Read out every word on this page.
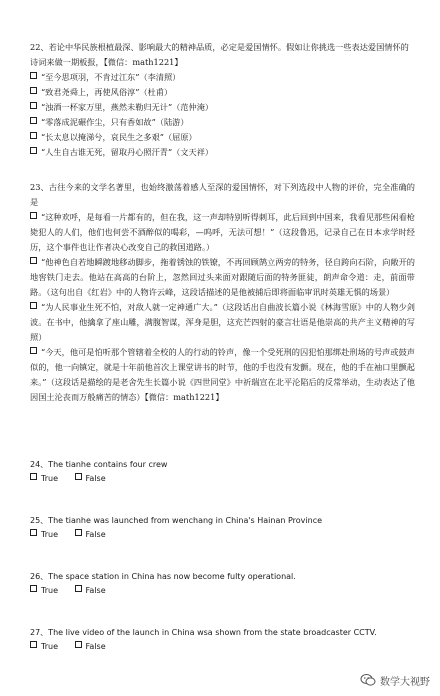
22、若论中华民族根植最深、影响最大的精神品质，必定是爱国情怀。假如让你挑选一些表达爱国情怀的诗词来做一期板报，【微信：math1221】

“至今思项羽，不肯过江东”（李清照）

“致君尧舜上，再使风俗淳”（杜甫）

“浊酒一杯家万里，燕然未勒归无计”（范仲淹）

“零落成泥碾作尘，只有香如故”（陆游）

“长太息以掩涕兮，哀民生之多艰”（屈原）

“人生自古谁无死，留取丹心照汗青”（文天祥）

23、古往今来的文学名著里，也始终激荡着感人至深的爱国情怀，对下列选段中人物的评价，完全准确的是

“这种欢呼，是每看一片都有的，但在我，这一声却特别听得刺耳，此后回到中国来，我看见那些闲看枪毙犯人的人们，他们也何尝不酒醉似的喝彩，—呜呼，无法可想！”（这段鲁迅，记录自己在日本求学时经历，这个事件也让作者决心改变自己的救国道路。）

“他神色自若地瞬踱地移动脚步，拖着锈蚀的铁镣，不再回顾鹄立两旁的特务，径自跨向石阶，向敞开的地窖铁门走去。他站在高高的台阶上，忽然回过头来面对跟随后面的特务匪徒，朗声命令道：走，前面带路。（这句出自《红岩》中的人物许云峰，这段话描述的是他被捕后即将面临审讯时英雄无惧的场景）

“为人民事业生死不怕，对敌人就一定神通广大。”（这段话出自曲波长篇小说《林海雪原》中的人物少剑波。在书中，他擒拿了座山雕，满腹智谋，浑身是胆，这充芒四射的豪言壮语是他崇高的共产主义精神的写照）

“今天，他可是怕听那个管辖着全校的人的行动的铃声，像一个受死刑的囚犯怕那绑赴刑场的号声或鼓声似的，他一向镇定，就是十年前他首次上课堂讲书的时节，他的手也没有发颤。现在，他的手在袖口里颤起来。”（这段话是描绘的是老舍先生长篇小说《四世同堂》中祈瑞宣在北平沦陷后的反常举动，生动表达了他因国土沦丧而万般痛苦的情态）【微信：math1221】

24、The tianhe contains four crew

True	False

25、The tianhe was launched from wenchang in China's Hainan Province

True	False

26、The space station in China has now become fulty operational.

True	False

27、The live video of the launch in China wsa shown from the state broadcaster CCTV.

True	False

数学大视野
